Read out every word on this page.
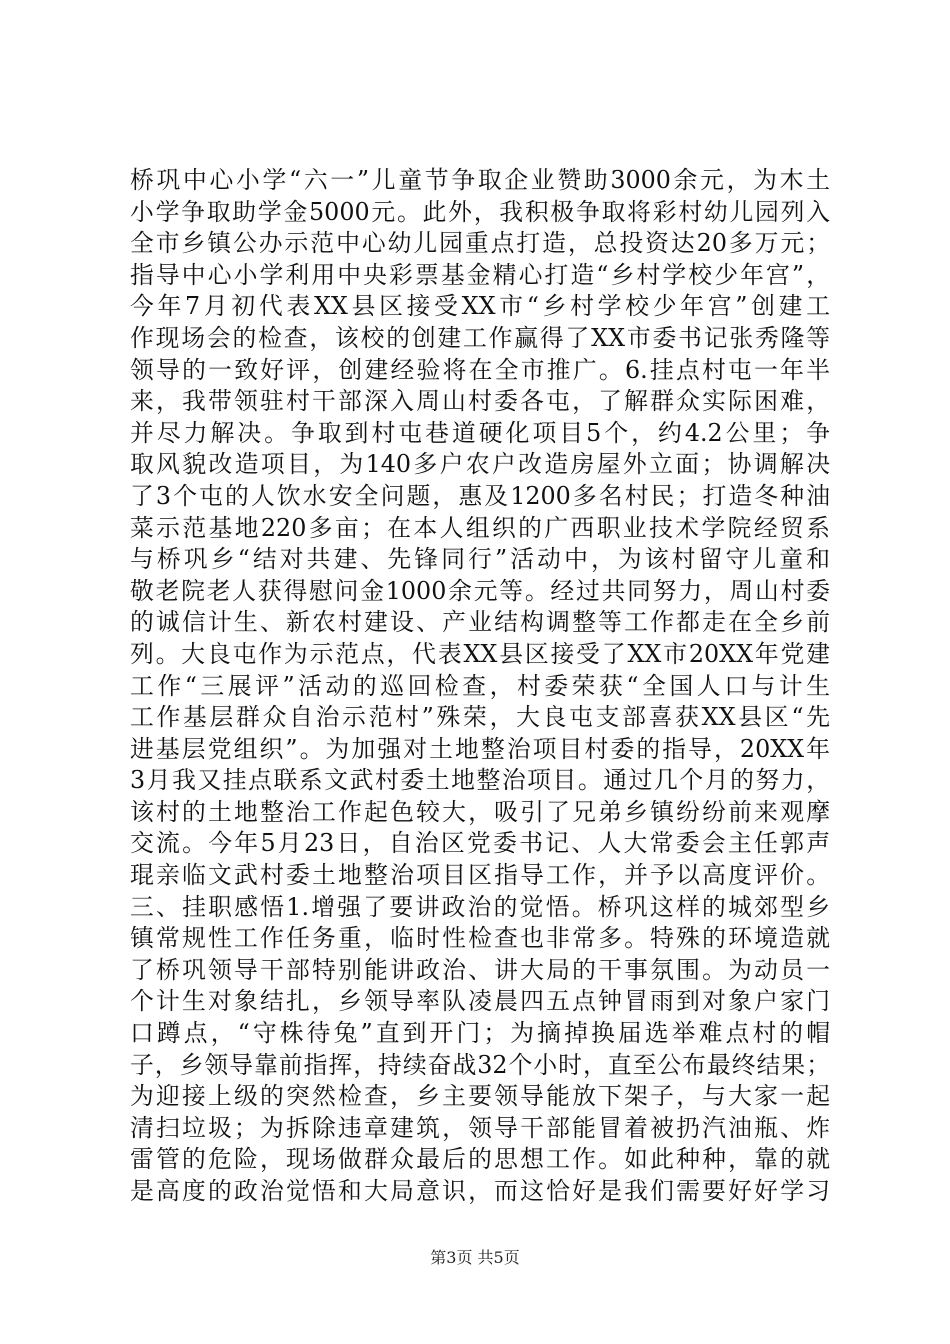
桥巩中心小学“六一”儿童节争取企业赞助3000余元，为木土
小学争取助学金5000元。此外，我积极争取将彩村幼儿园列入
全市乡镇公办示范中心幼儿园重点打造，总投资达20多万元；
指导中心小学利用中央彩票基金精心打造“乡村学校少年宫”，
今年7月初代表XX县区接受XX市“乡村学校少年宫”创建工
作现场会的检查，该校的创建工作赢得了XX市委书记张秀隆等
领导的一致好评，创建经验将在全市推广。6.挂点村屯一年半
来，我带领驻村干部深入周山村委各屯，了解群众实际困难，
并尽力解决。争取到村屯巷道硬化项目5个，约4.2公里；争
取风貌改造项目，为140多户农户改造房屋外立面；协调解决
了3个屯的人饮水安全问题，惠及1200多名村民；打造冬种油
菜示范基地220多亩；在本人组织的广西职业技术学院经贸系
与桥巩乡“结对共建、先锋同行”活动中，为该村留守儿童和
敬老院老人获得慰问金1000余元等。经过共同努力，周山村委
的诚信计生、新农村建设、产业结构调整等工作都走在全乡前
列。大良屯作为示范点，代表XX县区接受了XX市20XX年党建
工作“三展评”活动的巡回检查，村委荣获“全国人口与计生
工作基层群众自治示范村”殊荣，大良屯支部喜获XX县区“先
进基层党组织”。为加强对土地整治项目村委的指导，20XX年
3月我又挂点联系文武村委土地整治项目。通过几个月的努力，
该村的土地整治工作起色较大，吸引了兄弟乡镇纷纷前来观摩
交流。今年5月23日，自治区党委书记、人大常委会主任郭声
琨亲临文武村委土地整治项目区指导工作，并予以高度评价。
三、挂职感悟1.增强了要讲政治的觉悟。桥巩这样的城郊型乡
镇常规性工作任务重，临时性检查也非常多。特殊的环境造就
了桥巩领导干部特别能讲政治、讲大局的干事氛围。为动员一
个计生对象结扎，乡领导率队凌晨四五点钟冒雨到对象户家门
口蹲点，“守株待兔”直到开门；为摘掉换届选举难点村的帽
子，乡领导靠前指挥，持续奋战32个小时，直至公布最终结果；
为迎接上级的突然检查，乡主要领导能放下架子，与大家一起
清扫垃圾；为拆除违章建筑，领导干部能冒着被扔汽油瓶、炸
雷管的危险，现场做群众最后的思想工作。如此种种，靠的就
是高度的政治觉悟和大局意识，而这恰好是我们需要好好学习
第3页 共5页
